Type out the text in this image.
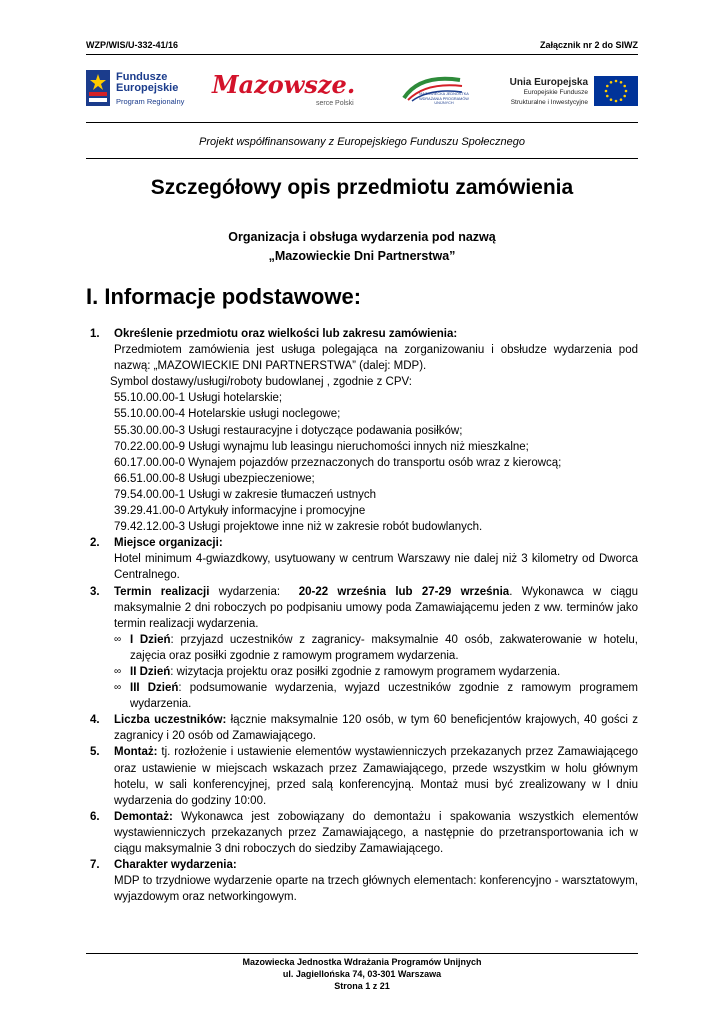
WZP/WIS/U-332-41/16	Załącznik nr 2 do SIWZ
Fundusze
Europejskie
Program Regionalny
Mazowsze.
serce Polski
MAZOWIECKA JEDNOSTKA WDRAŻANIA PROGRAMÓW UNIJNYCH
Unia Europejska
Europejskie Fundusze
Strukturalne i Inwestycyjne
Projekt współfinansowany z Europejskiego Funduszu Społecznego
Szczegółowy opis przedmiotu zamówienia
Organizacja i obsługa wydarzenia pod nazwą
„Mazowieckie Dni Partnerstwa”
I. Informacje podstawowe:
1. Określenie przedmiotu oraz wielkości lub zakresu zamówienia:
Przedmiotem zamówienia jest usługa polegająca na zorganizowaniu i obsłudze wydarzenia pod nazwą: „MAZOWIECKIE DNI PARTNERSTWA” (dalej: MDP).
Symbol dostawy/usługi/roboty budowlanej , zgodnie z CPV:
55.10.00.00-1 Usługi hotelarskie;
55.10.00.00-4 Hotelarskie usługi noclegowe;
55.30.00.00-3 Usługi restauracyjne i dotyczące podawania posiłków;
70.22.00.00-9 Usługi wynajmu lub leasingu nieruchomości innych niż mieszkalne;
60.17.00.00-0 Wynajem pojazdów przeznaczonych do transportu osób wraz z kierowcą;
66.51.00.00-8 Usługi ubezpieczeniowe;
79.54.00.00-1 Usługi w zakresie tłumaczeń ustnych
39.29.41.00-0 Artykuły informacyjne i promocyjne
79.42.12.00-3 Usługi projektowe inne niż w zakresie robót budowlanych.
2. Miejsce organizacji:
Hotel minimum 4-gwiazdkowy, usytuowany w centrum Warszawy nie dalej niż 3 kilometry od Dworca Centralnego.
3. Termin realizacji wydarzenia:  20-22 września lub 27-29 września. Wykonawca w ciągu maksymalnie 2 dni roboczych po podpisaniu umowy poda Zamawiającemu jeden z ww. terminów jako termin realizacji wydarzenia.
∞ I Dzień: przyjazd uczestników z zagranicy- maksymalnie 40 osób, zakwaterowanie w hotelu, zajęcia oraz posiłki zgodnie z ramowym programem wydarzenia.
∞ II Dzień: wizytacja projektu oraz posiłki zgodnie z ramowym programem wydarzenia.
∞ III Dzień: podsumowanie wydarzenia, wyjazd uczestników zgodnie z ramowym programem wydarzenia.
4. Liczba uczestników: łącznie maksymalnie 120 osób, w tym 60 beneficjentów krajowych, 40 gości z zagranicy i 20 osób od Zamawiającego.
5. Montaż: tj. rozłożenie i ustawienie elementów wystawienniczych przekazanych przez Zamawiającego oraz ustawienie w miejscach wskazach przez Zamawiającego, przede wszystkim w holu głównym hotelu, w sali konferencyjnej, przed salą konferencyjną. Montaż musi być zrealizowany w I dniu wydarzenia do godziny 10:00.
6. Demontaż: Wykonawca jest zobowiązany do demontażu i spakowania wszystkich elementów wystawienniczych przekazanych przez Zamawiającego, a następnie do przetransportowania ich w ciągu maksymalnie 3 dni roboczych do siedziby Zamawiającego.
7. Charakter wydarzenia:
MDP to trzydniowe wydarzenie oparte na trzech głównych elementach: konferencyjno - warsztatowym, wyjazdowym oraz networkingowym.
Mazowiecka Jednostka Wdrażania Programów Unijnych
ul. Jagiellońska 74, 03-301 Warszawa
Strona 1 z 21
